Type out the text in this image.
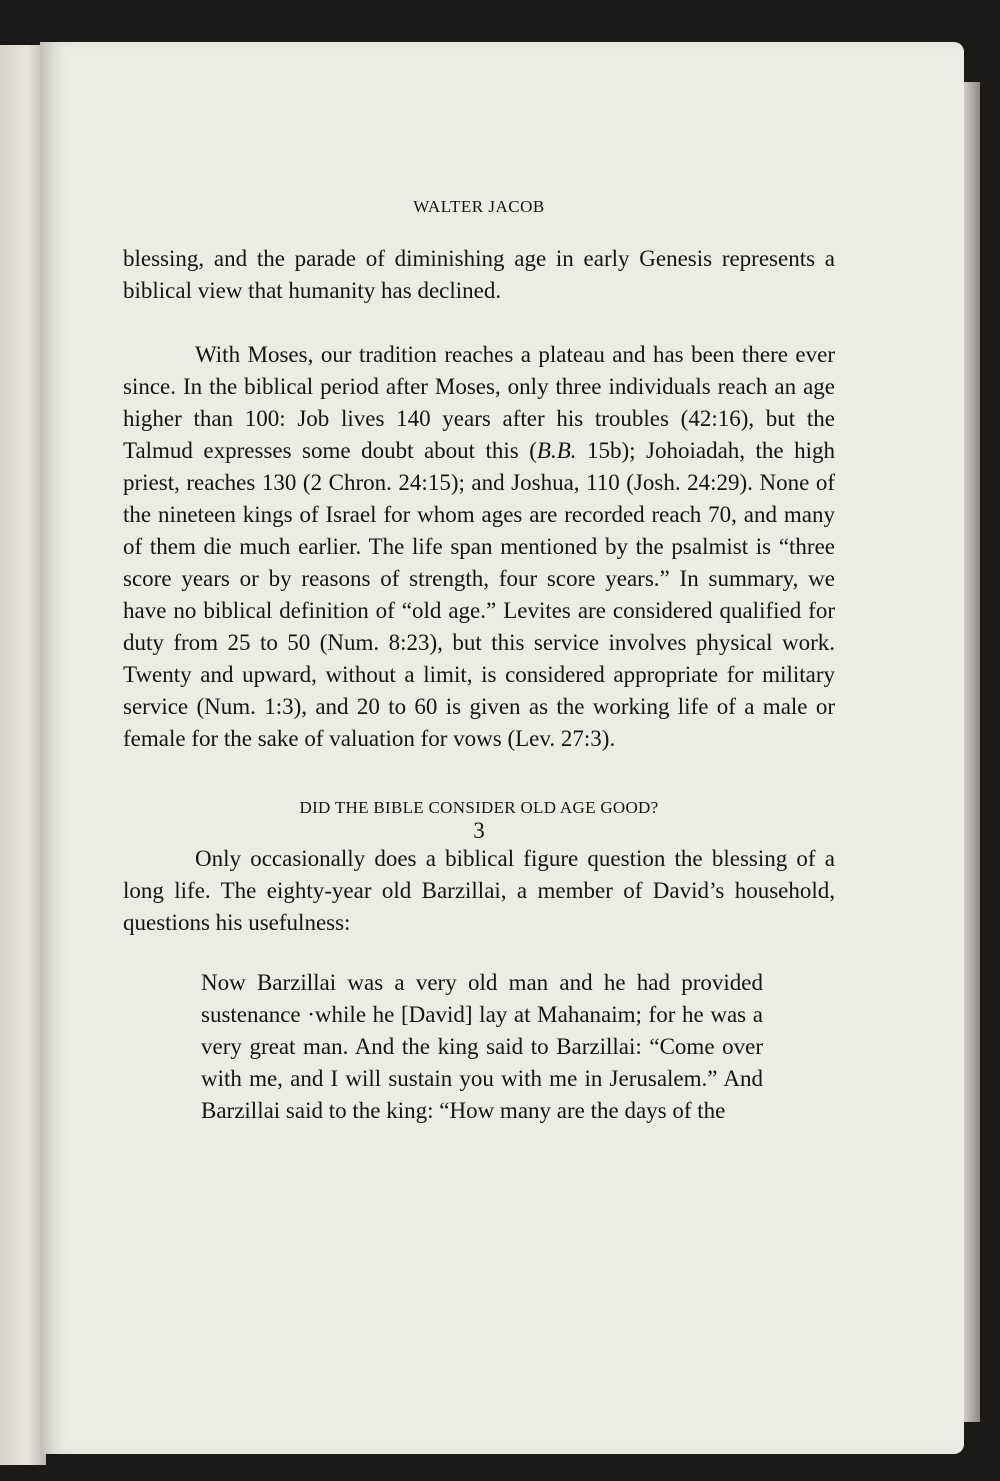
WALTER JACOB

blessing, and the parade of diminishing age in early Genesis represents a biblical view that humanity has declined.

With Moses, our tradition reaches a plateau and has been there ever since. In the biblical period after Moses, only three individuals reach an age higher than 100: Job lives 140 years after his troubles (42:16), but the Talmud expresses some doubt about this (B.B. 15b); Johoiadah, the high priest, reaches 130 (2 Chron. 24:15); and Joshua, 110 (Josh. 24:29). None of the nineteen kings of Israel for whom ages are recorded reach 70, and many of them die much earlier. The life span mentioned by the psalmist is “three score years or by reasons of strength, four score years.” In summary, we have no biblical definition of “old age.” Levites are considered qualified for duty from 25 to 50 (Num. 8:23), but this service involves physical work. Twenty and upward, without a limit, is considered appropriate for military service (Num. 1:3), and 20 to 60 is given as the working life of a male or female for the sake of valuation for vows (Lev. 27:3).

DID THE BIBLE CONSIDER OLD AGE GOOD?

Only occasionally does a biblical figure question the blessing of a long life. The eighty-year old Barzillai, a member of David’s household, questions his usefulness:

Now Barzillai was a very old man and he had provided sustenance ·while he [David] lay at Mahanaim; for he was a very great man. And the king said to Barzillai: “Come over with me, and I will sustain you with me in Jerusalem.” And Barzillai said to the king: “How many are the days of the

3
